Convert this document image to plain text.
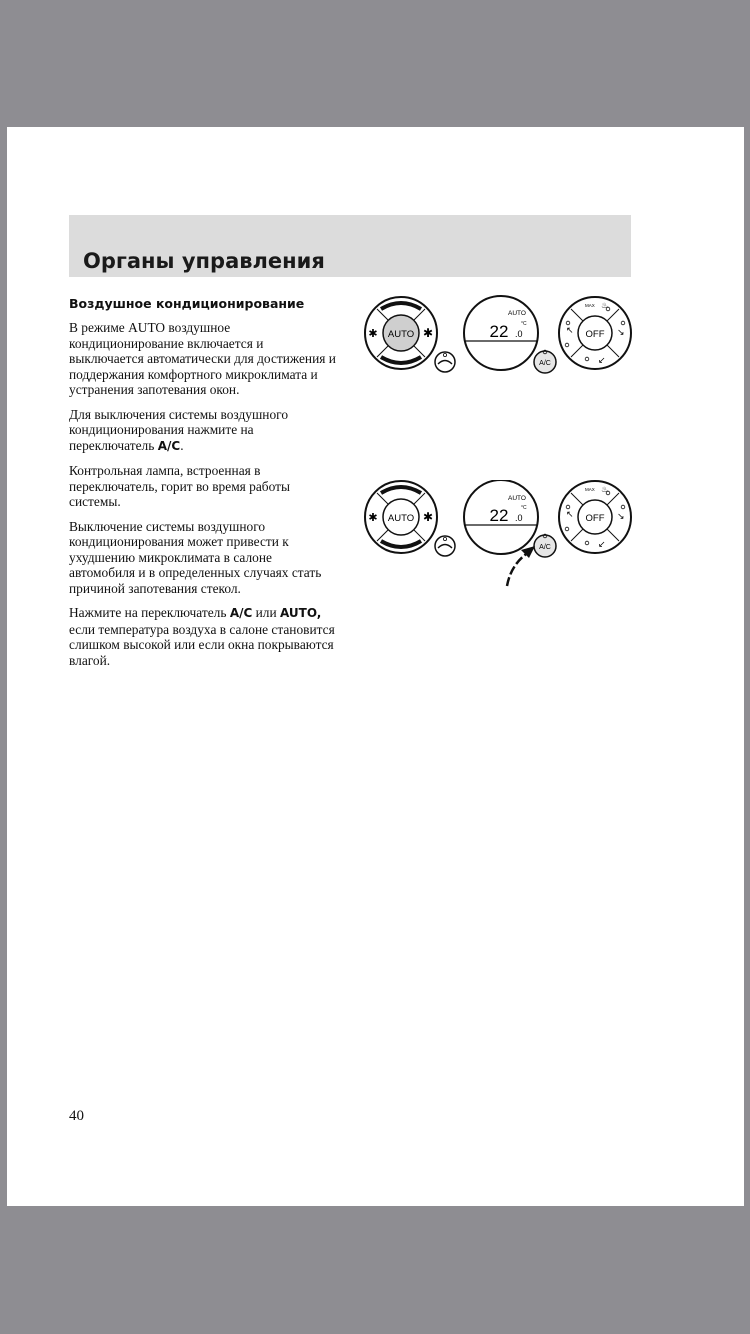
Органы управления
Воздушное кондиционирование

В режиме AUTO воздушное кондиционирование включается и выключается автоматически для достижения и поддержания комфортного микроклимата и устранения запотевания окон.

Для выключения системы воздушного кондиционирования нажмите на переключатель A/C.

Контрольная лампа, встроенная в переключатель, горит во время работы системы.

Выключение системы воздушного кондиционирования может привести к ухудшению микроклимата в салоне автомобиля и в определенных случаях стать причиной запотевания стекол.

Нажмите на переключатель A/C или AUTO, если температура воздуха в салоне становится слишком высокой или если окна покрываются влагой.

AUTO
✱	✱
AUTO
22 .0
°C
A/C
OFF
MAX ♨
↖	↘
↙
AUTO
✱	✱
AUTO
22 .0
°C
A/C
OFF
MAX ♨
↖	↘
↙
40
